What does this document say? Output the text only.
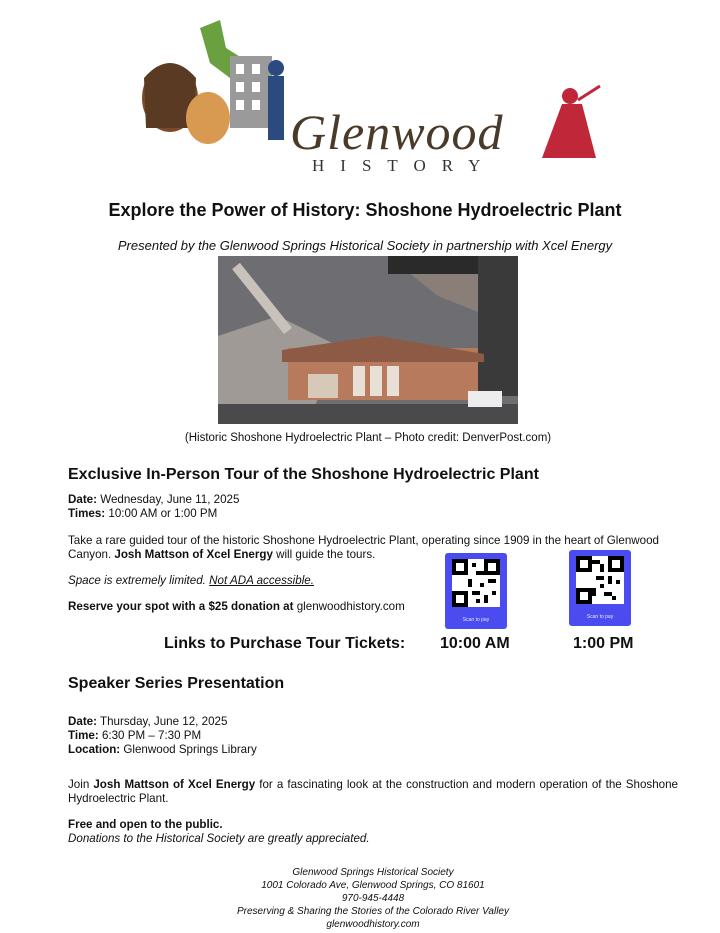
Glenwood
HISTORY
Explore the Power of History: Shoshone Hydroelectric Plant
Presented by the Glenwood Springs Historical Society in partnership with Xcel Energy
(Historic Shoshone Hydroelectric Plant – Photo credit: DenverPost.com)
Exclusive In-Person Tour of the Shoshone Hydroelectric Plant
Date: Wednesday, June 11, 2025
Times: 10:00 AM or 1:00 PM
Take a rare guided tour of the historic Shoshone Hydroelectric Plant, operating since 1909 in the heart of Glenwood Canyon. Josh Mattson of Xcel Energy will guide the tours.
Space is extremely limited. Not ADA accessible.
Reserve your spot with a $25 donation at glenwoodhistory.com
Scan to pay	Scan to pay
Links to Purchase Tour Tickets: 10:00 AM	1:00 PM
Speaker Series Presentation
Date: Thursday, June 12, 2025
Time: 6:30 PM – 7:30 PM
Location: Glenwood Springs Library
Join Josh Mattson of Xcel Energy for a fascinating look at the construction and modern operation of the Shoshone Hydroelectric Plant.
Free and open to the public.
Donations to the Historical Society are greatly appreciated.
Glenwood Springs Historical Society
1001 Colorado Ave, Glenwood Springs, CO 81601
970-945-4448
Preserving & Sharing the Stories of the Colorado River Valley
glenwoodhistory.com
